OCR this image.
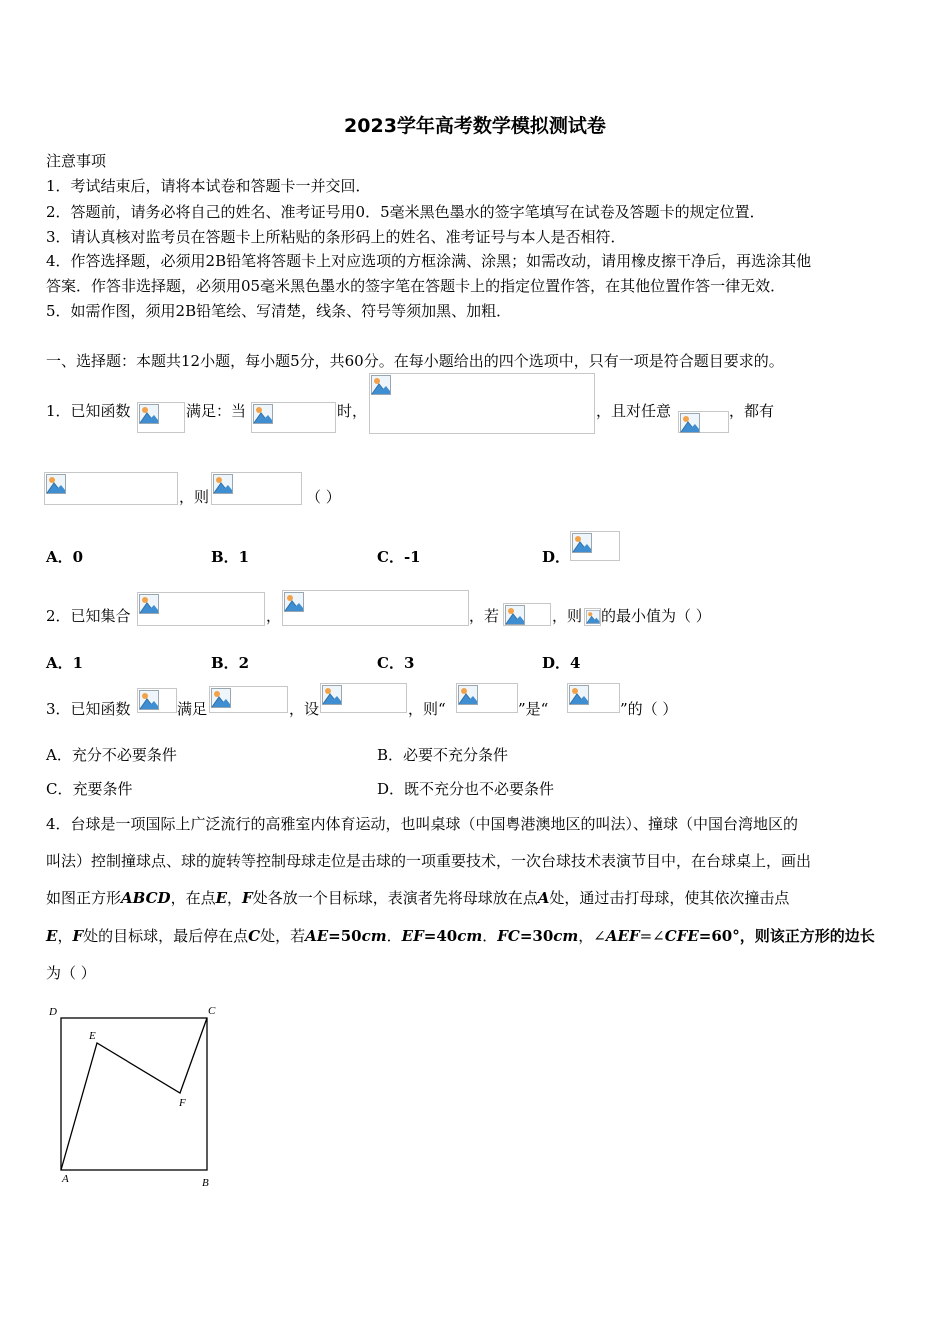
2023学年高考数学模拟测试卷
注意事项
1．考试结束后，请将本试卷和答题卡一并交回．
2．答题前，请务必将自己的姓名、准考证号用0．5毫米黑色墨水的签字笔填写在试卷及答题卡的规定位置．
3．请认真核对监考员在答题卡上所粘贴的条形码上的姓名、准考证号与本人是否相符．
4．作答选择题，必须用2B铅笔将答题卡上对应选项的方框涂满、涂黑；如需改动，请用橡皮擦干净后，再选涂其他
答案．作答非选择题，必须用05毫米黑色墨水的签字笔在答题卡上的指定位置作答，在其他位置作答一律无效．
5．如需作图，须用2B铅笔绘、写清楚，线条、符号等须加黑、加粗．
一、选择题：本题共12小题，每小题5分，共60分。在每小题给出的四个选项中，只有一项是符合题目要求的。
1．已知函数	满足：当	时，	，且对任意	，都有
，则	（ ）
A．0	B．1	C．-1	D．
2．已知集合	，	，若	，则 的最小值为（ ）
A．1	B．2	C．3	D．4
3．已知函数	满足	，设	，则“	”是“	”的（ ）
A．充分不必要条件	B．必要不充分条件
C．充要条件	D．既不充分也不必要条件
4．台球是一项国际上广泛流行的高雅室内体育运动，也叫桌球（中国粤港澳地区的叫法）、撞球（中国台湾地区的
叫法）控制撞球点、球的旋转等控制母球走位是击球的一项重要技术，一次台球技术表演节目中，在台球桌上，画出
如图正方形ABCD，在点E，F处各放一个目标球，表演者先将母球放在点A处，通过击打母球，使其依次撞击点
E，F处的目标球，最后停在点C处，若AE=50cm．EF=40cm．FC=30cm，∠AEF=∠CFE=60°，则该正方形的边长
为（ ）
D	C
E
F
A	B
